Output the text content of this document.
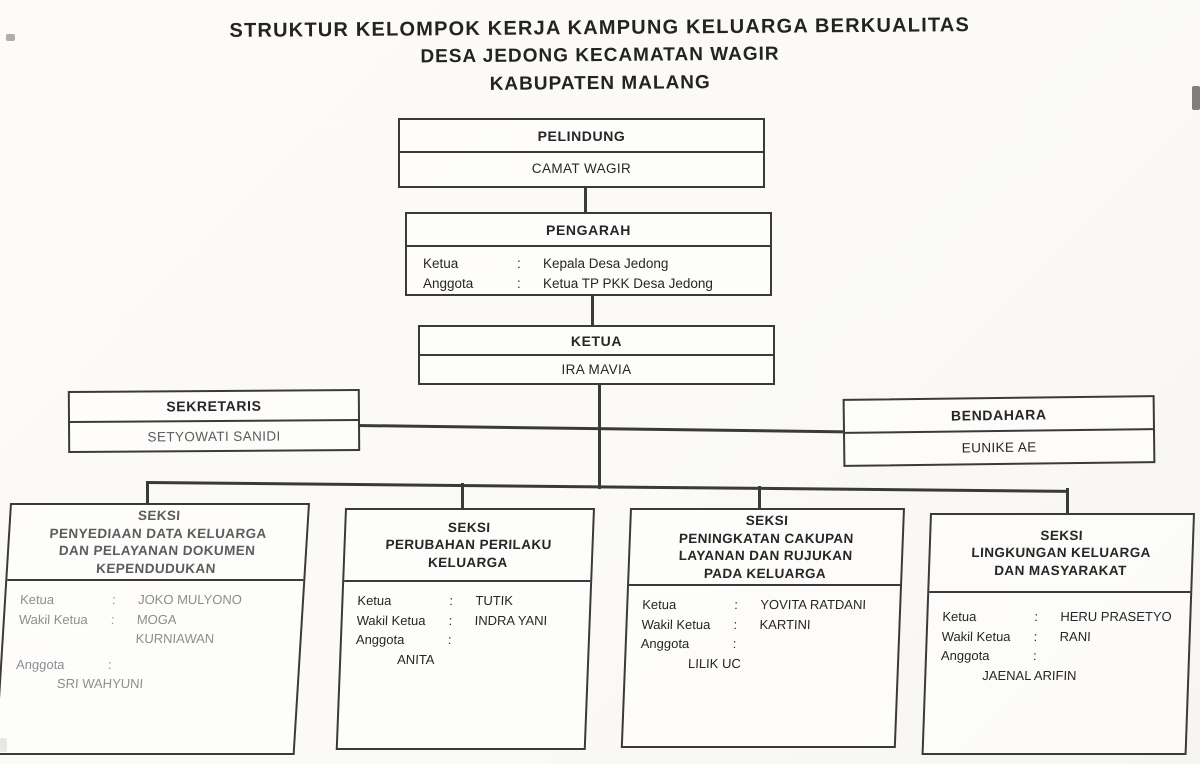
STRUKTUR KELOMPOK KERJA KAMPUNG KELUARGA BERKUALITAS
DESA JEDONG KECAMATAN WAGIR
KABUPATEN MALANG
PELINDUNG
CAMAT WAGIR
PENGARAH
Ketua	:	Kepala Desa Jedong
Anggota	:	Ketua TP PKK Desa Jedong
KETUA
IRA MAVIA
SEKRETARIS
SETYOWATI SANIDI
BENDAHARA
EUNIKE AE
SEKSI
PENYEDIAAN DATA KELUARGA
DAN PELAYANAN DOKUMEN
KEPENDUDUKAN
Ketua	:	JOKO MULYONO
Wakil Ketua	:	MOGA KURNIAWAN
Anggota	:
SRI WAHYUNI
SEKSI
PERUBAHAN PERILAKU
KELUARGA
Ketua	:	TUTIK
Wakil Ketua	:	INDRA YANI
Anggota	:
ANITA
SEKSI
PENINGKATAN CAKUPAN
LAYANAN DAN RUJUKAN
PADA KELUARGA
Ketua	:	YOVITA RATDANI
Wakil Ketua	:	KARTINI
Anggota	:
LILIK UC
SEKSI
LINGKUNGAN KELUARGA
DAN MASYARAKAT
Ketua	:	HERU PRASETYO
Wakil Ketua	:	RANI
Anggota	:
JAENAL ARIFIN
